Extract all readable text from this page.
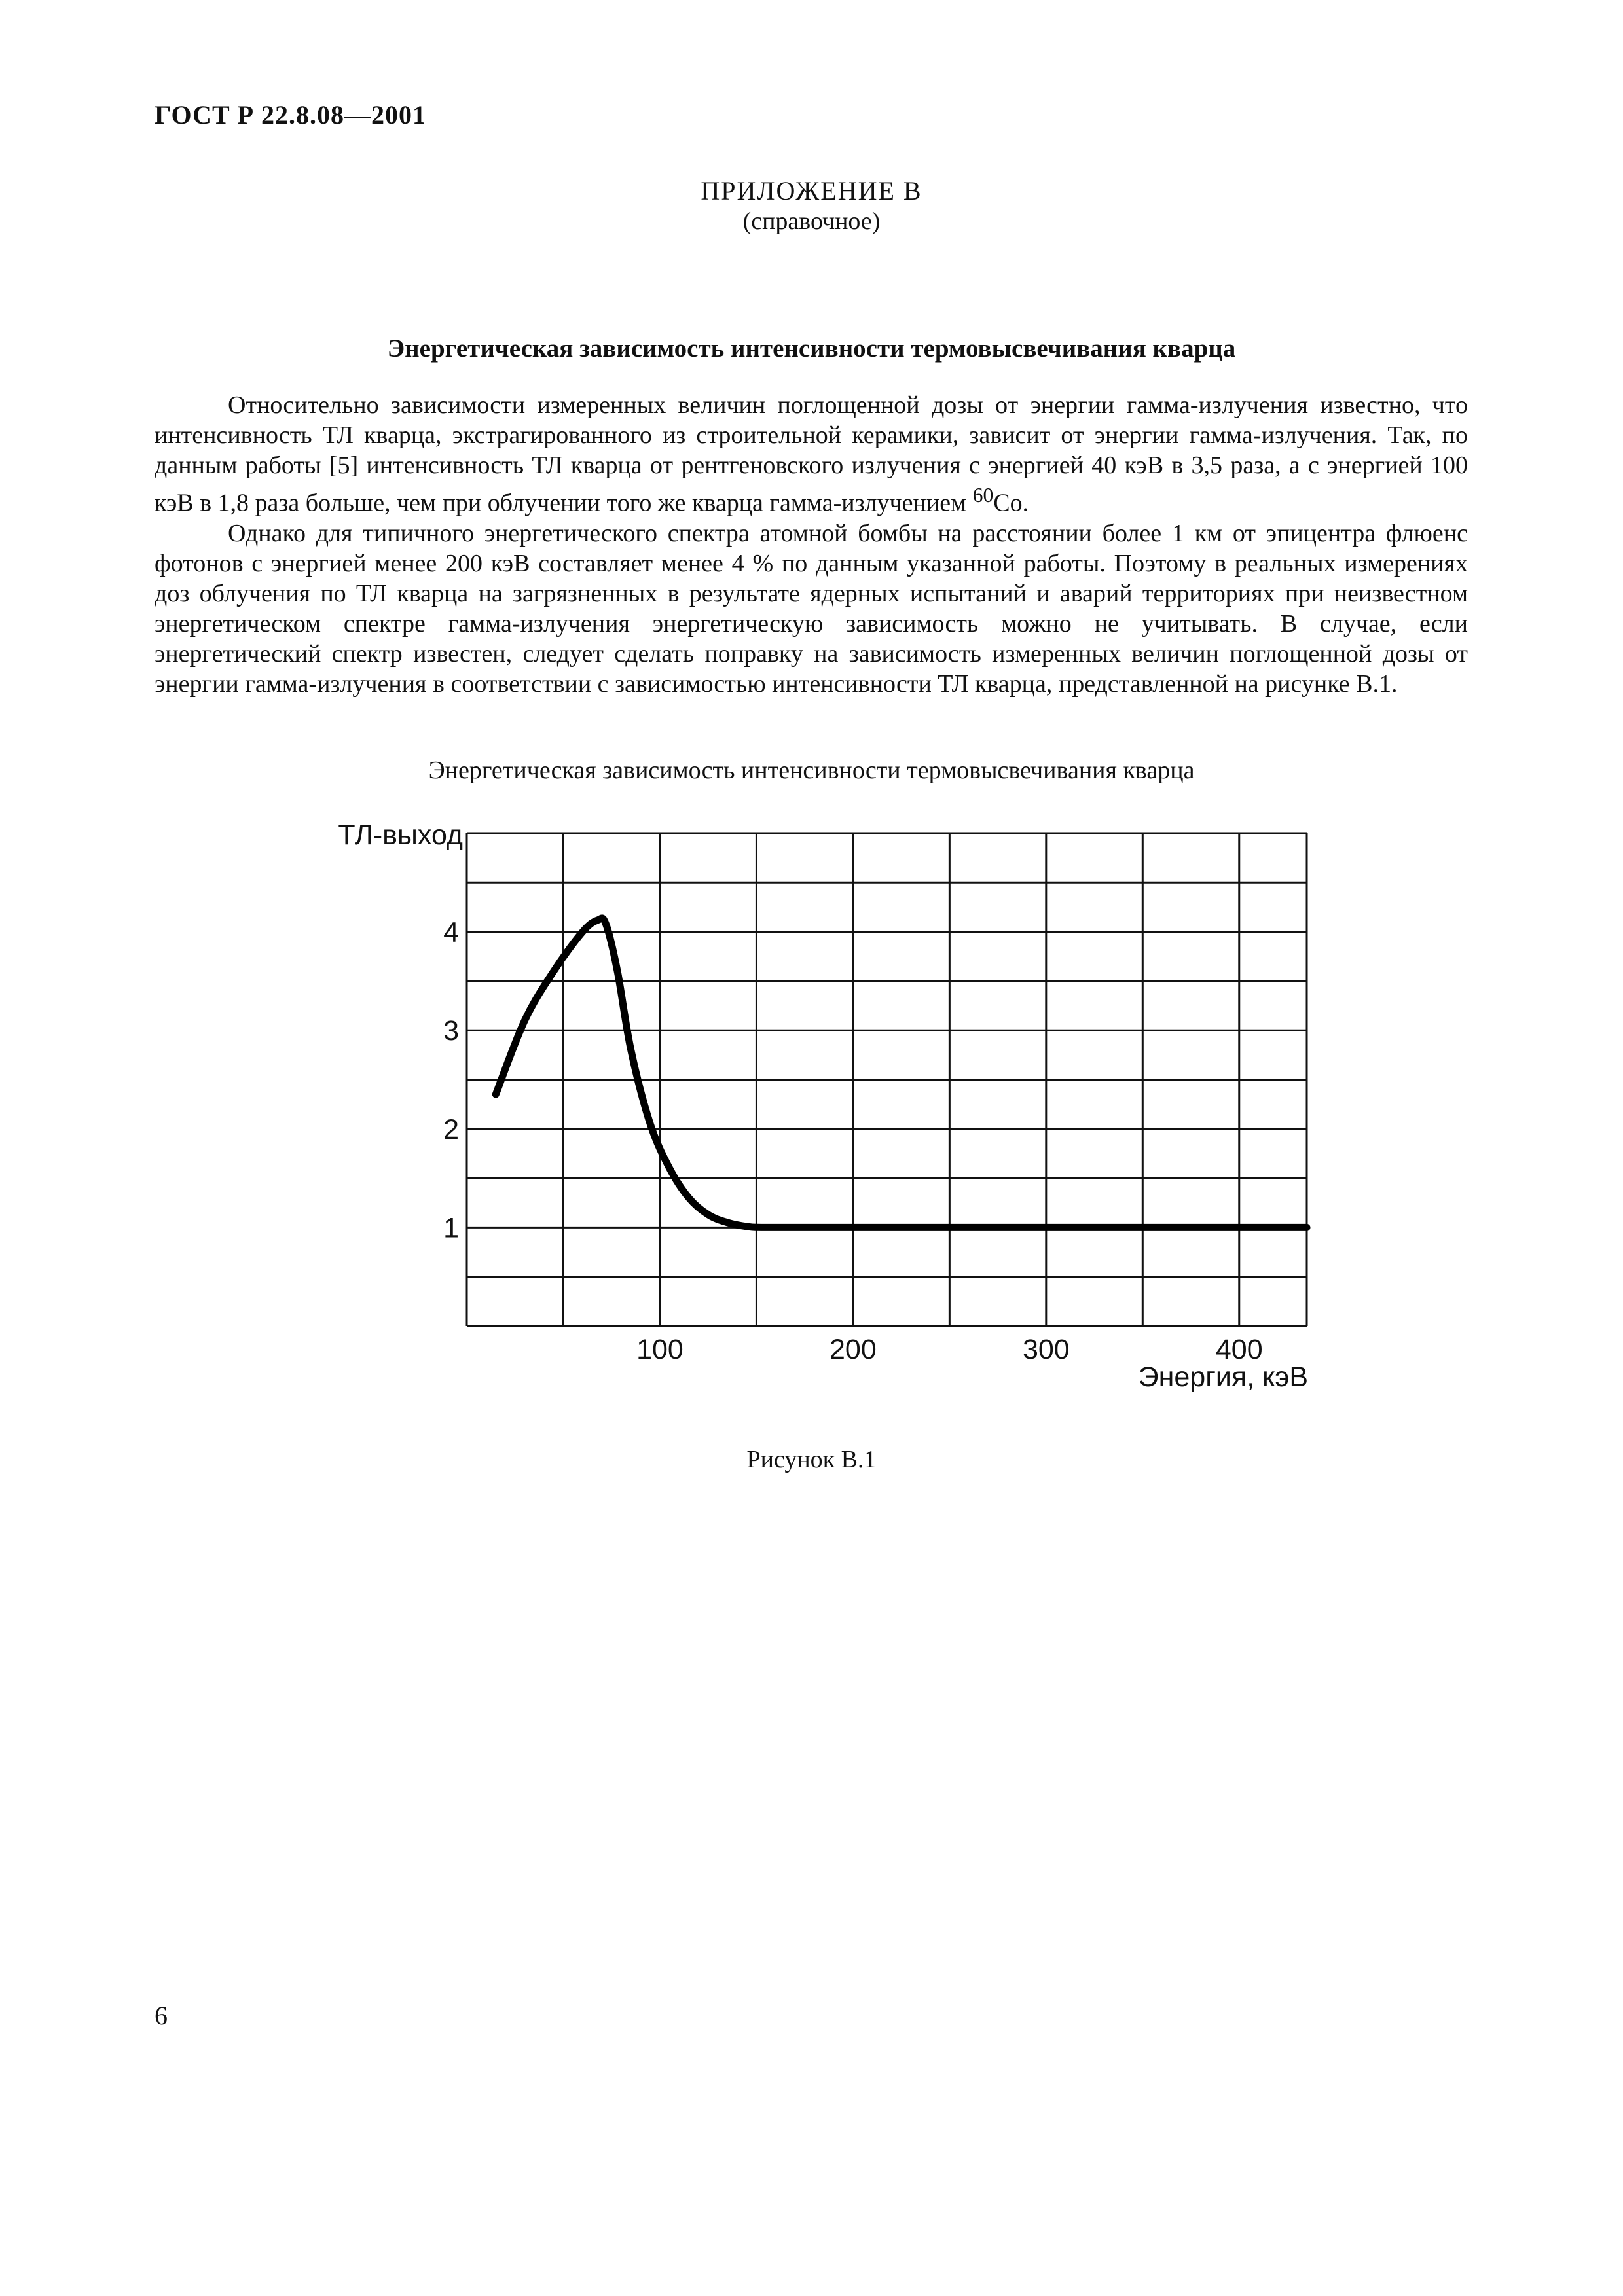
ГОСТ Р 22.8.08—2001
ПРИЛОЖЕНИЕ В
(справочное)
Энергетическая зависимость интенсивности термовысвечивания кварца

Относительно зависимости измеренных величин поглощенной дозы от энергии гамма-излучения известно, что интенсивность ТЛ кварца, экстрагированного из строительной керамики, зависит от энергии гамма-излучения. Так, по данным работы [5] интенсивность ТЛ кварца от рентгеновского излучения с энергией 40 кэВ в 3,5 раза, а с энергией 100 кэВ в 1,8 раза больше, чем при облучении того же кварца гамма-излучением $^{60}$Co.

Однако для типичного энергетического спектра атомной бомбы на расстоянии более 1 км от эпицентра флюенс фотонов с энергией менее 200 кэВ составляет менее 4 % по данным указанной работы. Поэтому в реальных измерениях доз облучения по ТЛ кварца на загрязненных в результате ядерных испытаний и аварий территориях при неизвестном энергетическом спектре гамма-излучения энергетическую зависимость можно не учитывать. В случае, если энергетический спектр известен, следует сделать поправку на зависимость измеренных величин поглощенной дозы от энергии гамма-излучения в соответствии с зависимостью интенсивности ТЛ кварца, представленной на рисунке В.1.

Энергетическая зависимость интенсивности термовысвечивания кварца
1
2
3
4
100	200	300	400
ТЛ-выход
Энергия, кэВ
Рисунок В.1
6
